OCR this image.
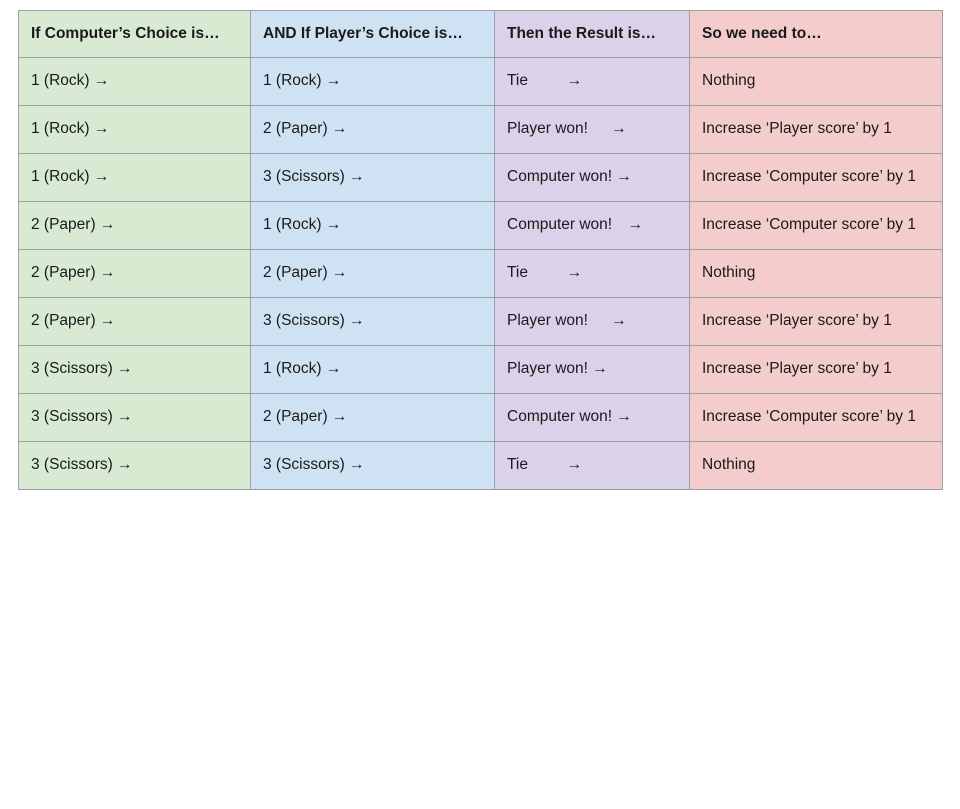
If Computer’s Choice is…	AND If Player’s Choice is…	Then the Result is…	So we need to…
1 (Rock) →	1 (Rock) →	Tie   →	Nothing
1 (Rock) →	2 (Paper) →	Player won!  →	Increase ‘Player score’ by 1
1 (Rock) →	3 (Scissors) →	Computer won! →	Increase ‘Computer score’ by 1
2 (Paper) →	1 (Rock) →	Computer won! →	Increase ‘Computer score’ by 1
2 (Paper) →	2 (Paper) →	Tie   →	Nothing
2 (Paper) →	3 (Scissors) →	Player won!  →	Increase ‘Player score’ by 1
3 (Scissors) →	1 (Rock) →	Player won! →	Increase ‘Player score’ by 1
3 (Scissors) →	2 (Paper) →	Computer won! →	Increase ‘Computer score’ by 1
3 (Scissors) →	3 (Scissors) →	Tie   →	Nothing
